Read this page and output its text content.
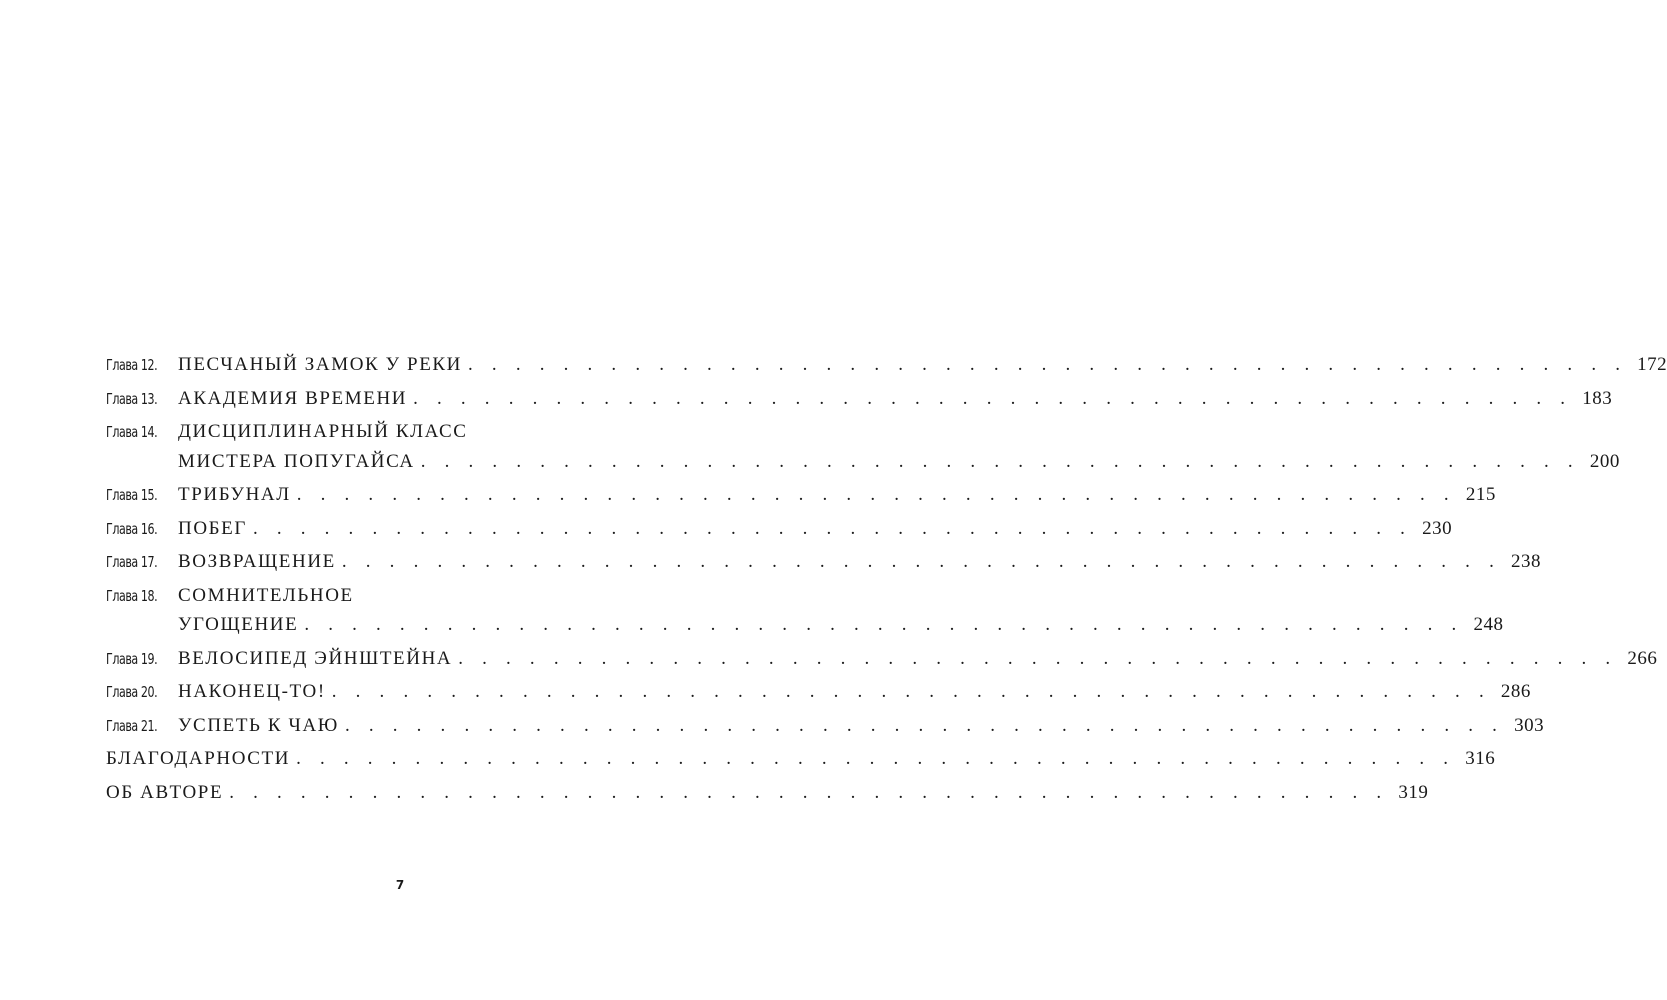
Глава 12. ПЕСЧАНЫЙ ЗАМОК У РЕКИ . . . . . . . . . . . . . . . . . . . . . . . . . . . . . . . . . . . . . . . . . . . . . . . . . 172
Глава 13. АКАДЕМИЯ ВРЕМЕНИ . . . . . . . . . . . . . . . . . . . . . . . . . . . . . . . . . . . . . . . . . . . . . . . . . 183
Глава 14. ДИСЦИПЛИНАРНЫЙ КЛАСС
МИСТЕРА ПОПУГАЙСА . . . . . . . . . . . . . . . . . . . . . . . . . . . . . . . . . . . . . . . . . . . . . . . . . 200
Глава 15. ТРИБУНАЛ . . . . . . . . . . . . . . . . . . . . . . . . . . . . . . . . . . . . . . . . . . . . . . . . . 215
Глава 16. ПОБЕГ . . . . . . . . . . . . . . . . . . . . . . . . . . . . . . . . . . . . . . . . . . . . . . . . . 230
Глава 17. ВОЗВРАЩЕНИЕ . . . . . . . . . . . . . . . . . . . . . . . . . . . . . . . . . . . . . . . . . . . . . . . . . 238
Глава 18. СОМНИТЕЛЬНОЕ
УГОЩЕНИЕ . . . . . . . . . . . . . . . . . . . . . . . . . . . . . . . . . . . . . . . . . . . . . . . . . 248
Глава 19. ВЕЛОСИПЕД ЭЙНШТЕЙНА . . . . . . . . . . . . . . . . . . . . . . . . . . . . . . . . . . . . . . . . . . . . . . . . . 266
Глава 20. НАКОНЕЦ-ТО! . . . . . . . . . . . . . . . . . . . . . . . . . . . . . . . . . . . . . . . . . . . . . . . . . 286
Глава 21. УСПЕТЬ К ЧАЮ . . . . . . . . . . . . . . . . . . . . . . . . . . . . . . . . . . . . . . . . . . . . . . . . . 303
БЛАГОДАРНОСТИ . . . . . . . . . . . . . . . . . . . . . . . . . . . . . . . . . . . . . . . . . . . . . . . . . 316
ОБ АВТОРЕ . . . . . . . . . . . . . . . . . . . . . . . . . . . . . . . . . . . . . . . . . . . . . . . . . 319
7
